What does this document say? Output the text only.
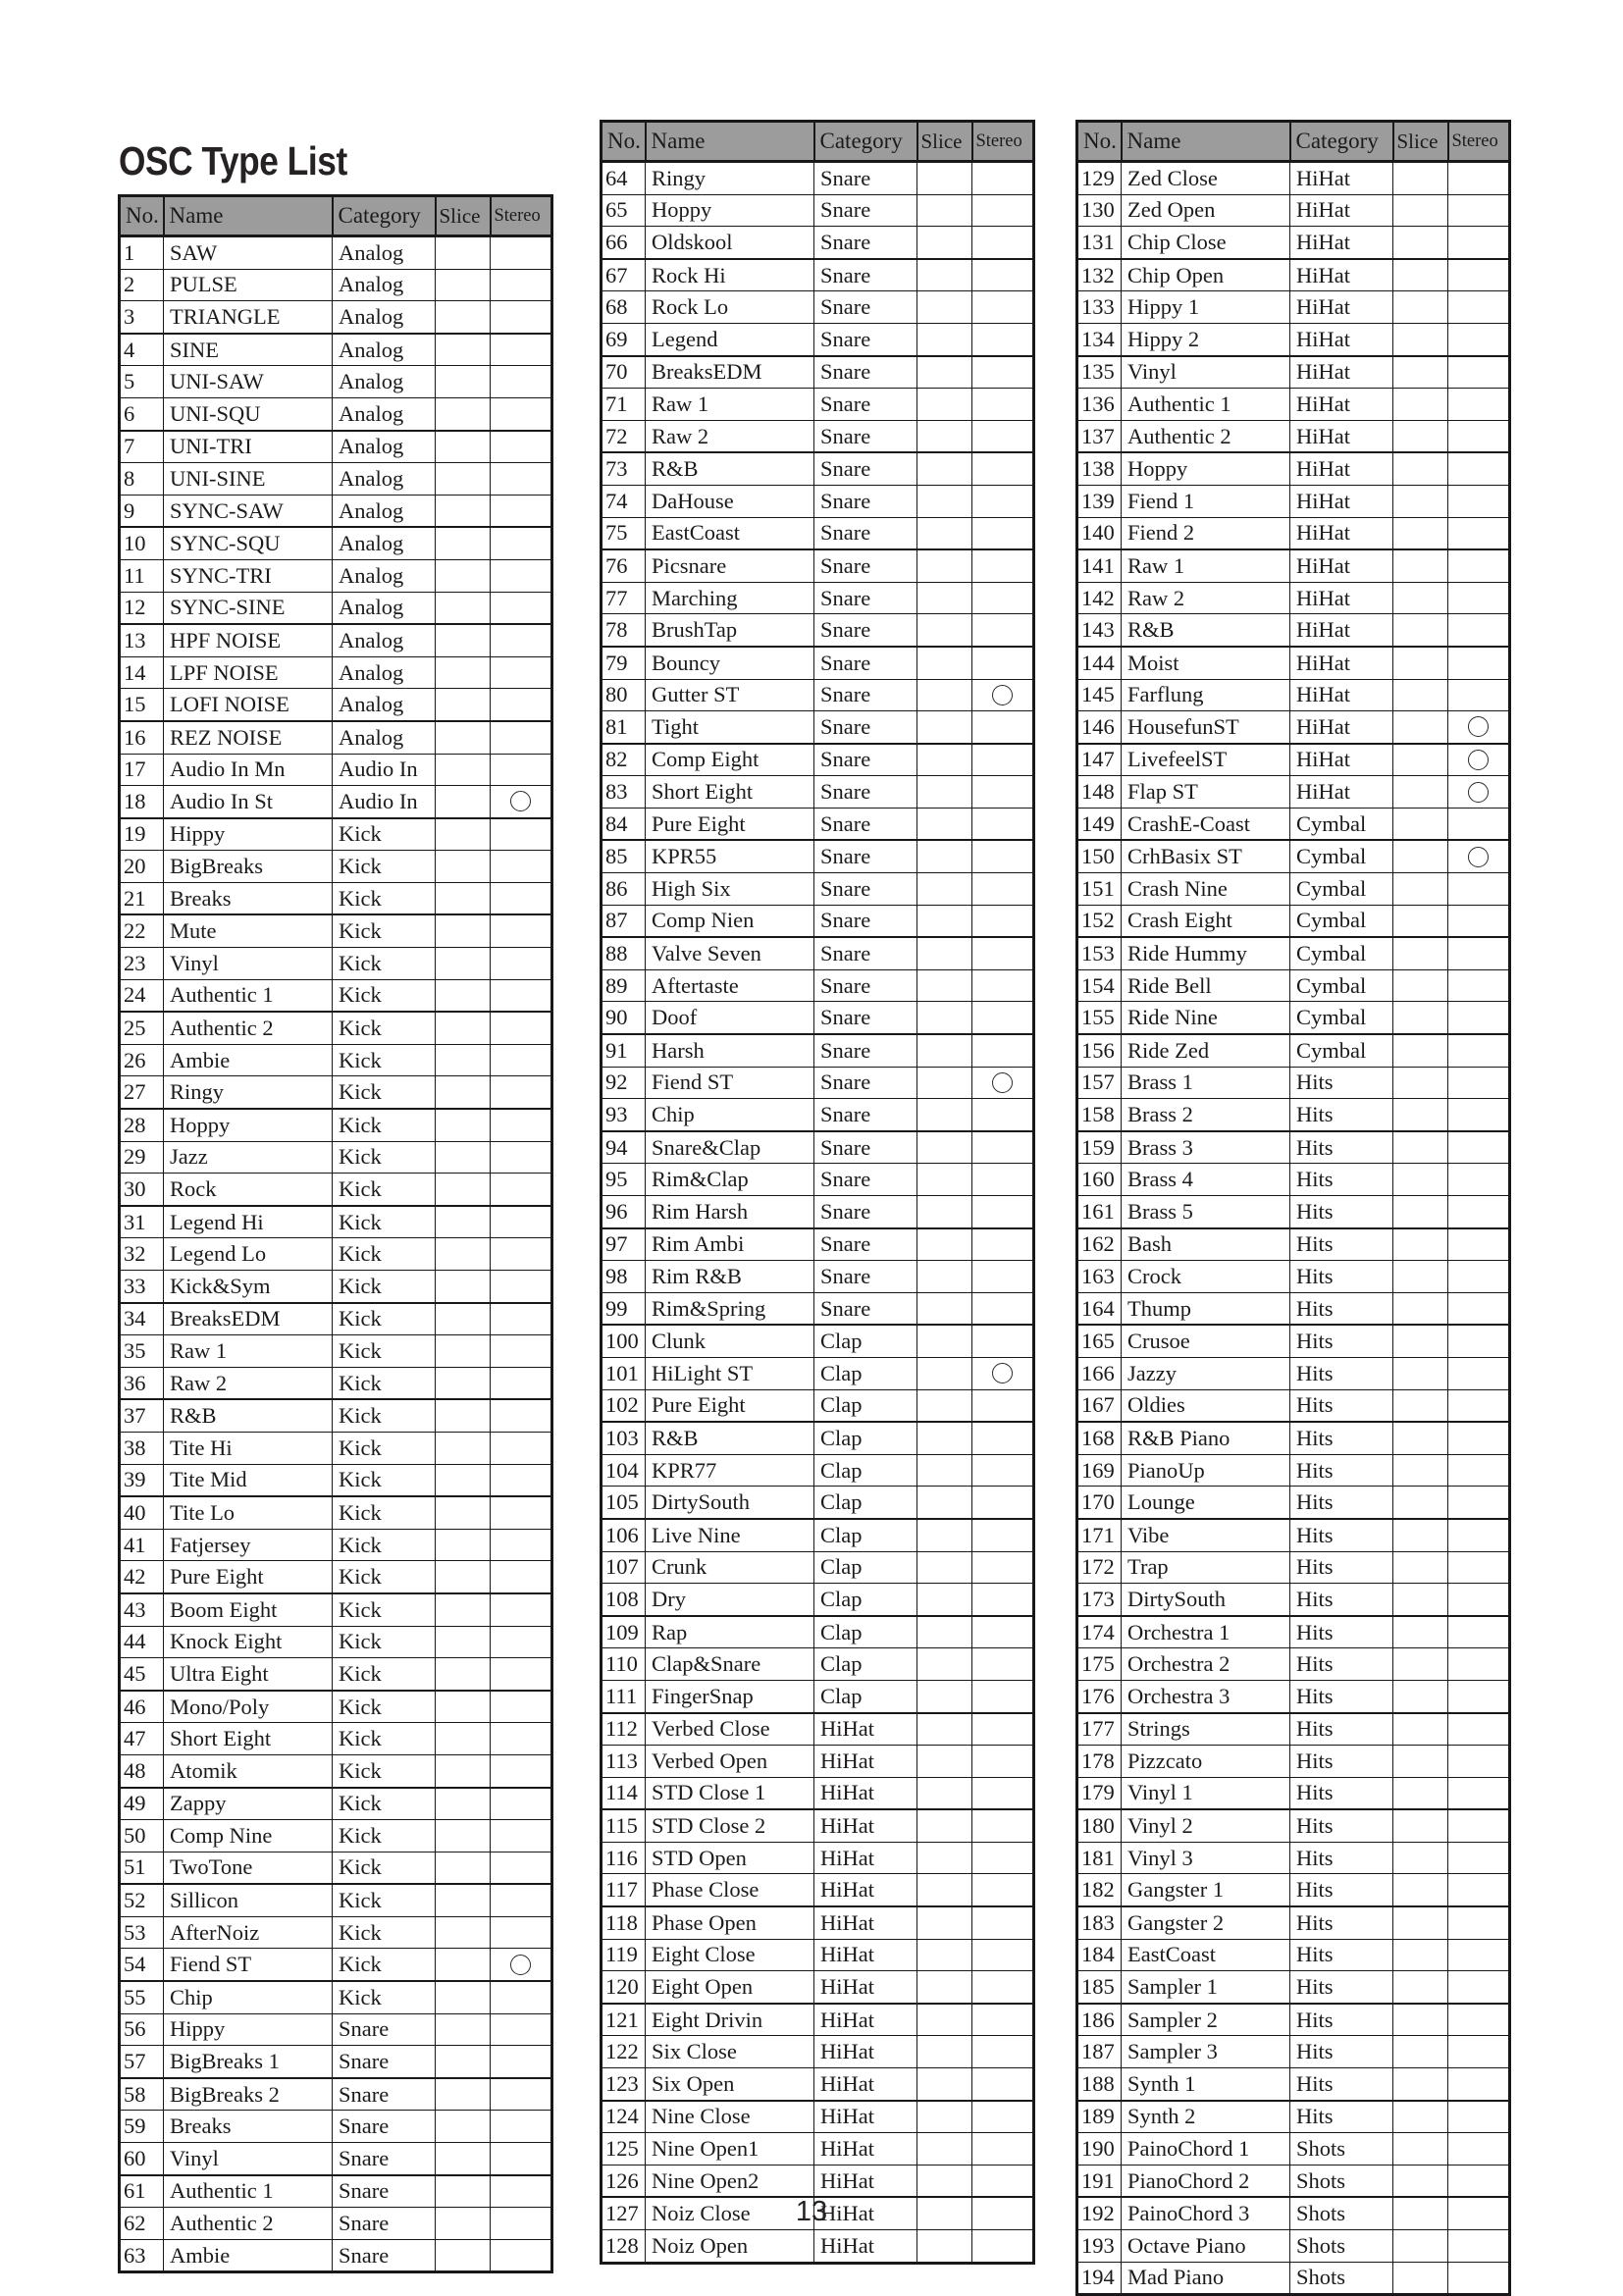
OSC Type List
No.	Name	Category	Slice	Stereo
1	SAW	Analog		
2	PULSE	Analog		
3	TRIANGLE	Analog		
4	SINE	Analog		
5	UNI-SAW	Analog		
6	UNI-SQU	Analog		
7	UNI-TRI	Analog		
8	UNI-SINE	Analog		
9	SYNC-SAW	Analog		
10	SYNC-SQU	Analog		
11	SYNC-TRI	Analog		
12	SYNC-SINE	Analog		
13	HPF NOISE	Analog		
14	LPF NOISE	Analog		
15	LOFI NOISE	Analog		
16	REZ NOISE	Analog		
17	Audio In Mn	Audio In		
18	Audio In St	Audio In		
19	Hippy	Kick		
20	BigBreaks	Kick		
21	Breaks	Kick		
22	Mute	Kick		
23	Vinyl	Kick		
24	Authentic 1	Kick		
25	Authentic 2	Kick		
26	Ambie	Kick		
27	Ringy	Kick		
28	Hoppy	Kick		
29	Jazz	Kick		
30	Rock	Kick		
31	Legend Hi	Kick		
32	Legend Lo	Kick		
33	Kick&Sym	Kick		
34	BreaksEDM	Kick		
35	Raw 1	Kick		
36	Raw 2	Kick		
37	R&B	Kick		
38	Tite Hi	Kick		
39	Tite Mid	Kick		
40	Tite Lo	Kick		
41	Fatjersey	Kick		
42	Pure Eight	Kick		
43	Boom Eight	Kick		
44	Knock Eight	Kick		
45	Ultra Eight	Kick		
46	Mono/Poly	Kick		
47	Short Eight	Kick		
48	Atomik	Kick		
49	Zappy	Kick		
50	Comp Nine	Kick		
51	TwoTone	Kick		
52	Sillicon	Kick		
53	AfterNoiz	Kick		
54	Fiend ST	Kick		
55	Chip	Kick		
56	Hippy	Snare		
57	BigBreaks 1	Snare		
58	BigBreaks 2	Snare		
59	Breaks	Snare		
60	Vinyl	Snare		
61	Authentic 1	Snare		
62	Authentic 2	Snare		
63	Ambie	Snare		
No.	Name	Category	Slice	Stereo
64	Ringy	Snare		
65	Hoppy	Snare		
66	Oldskool	Snare		
67	Rock Hi	Snare		
68	Rock Lo	Snare		
69	Legend	Snare		
70	BreaksEDM	Snare		
71	Raw 1	Snare		
72	Raw 2	Snare		
73	R&B	Snare		
74	DaHouse	Snare		
75	EastCoast	Snare		
76	Picsnare	Snare		
77	Marching	Snare		
78	BrushTap	Snare		
79	Bouncy	Snare		
80	Gutter ST	Snare		
81	Tight	Snare		
82	Comp Eight	Snare		
83	Short Eight	Snare		
84	Pure Eight	Snare		
85	KPR55	Snare		
86	High Six	Snare		
87	Comp Nien	Snare		
88	Valve Seven	Snare		
89	Aftertaste	Snare		
90	Doof	Snare		
91	Harsh	Snare		
92	Fiend ST	Snare		
93	Chip	Snare		
94	Snare&Clap	Snare		
95	Rim&Clap	Snare		
96	Rim Harsh	Snare		
97	Rim Ambi	Snare		
98	Rim R&B	Snare		
99	Rim&Spring	Snare		
100	Clunk	Clap		
101	HiLight ST	Clap		
102	Pure Eight	Clap		
103	R&B	Clap		
104	KPR77	Clap		
105	DirtySouth	Clap		
106	Live Nine	Clap		
107	Crunk	Clap		
108	Dry	Clap		
109	Rap	Clap		
110	Clap&Snare	Clap		
111	FingerSnap	Clap		
112	Verbed Close	HiHat		
113	Verbed Open	HiHat		
114	STD Close 1	HiHat		
115	STD Close 2	HiHat		
116	STD Open	HiHat		
117	Phase Close	HiHat		
118	Phase Open	HiHat		
119	Eight Close	HiHat		
120	Eight Open	HiHat		
121	Eight Drivin	HiHat		
122	Six Close	HiHat		
123	Six Open	HiHat		
124	Nine Close	HiHat		
125	Nine Open1	HiHat		
126	Nine Open2	HiHat		
127	Noiz Close	HiHat		
128	Noiz Open	HiHat		
No.	Name	Category	Slice	Stereo
129	Zed Close	HiHat		
130	Zed Open	HiHat		
131	Chip Close	HiHat		
132	Chip Open	HiHat		
133	Hippy 1	HiHat		
134	Hippy 2	HiHat		
135	Vinyl	HiHat		
136	Authentic 1	HiHat		
137	Authentic 2	HiHat		
138	Hoppy	HiHat		
139	Fiend 1	HiHat		
140	Fiend 2	HiHat		
141	Raw 1	HiHat		
142	Raw 2	HiHat		
143	R&B	HiHat		
144	Moist	HiHat		
145	Farflung	HiHat		
146	HousefunST	HiHat		
147	LivefeelST	HiHat		
148	Flap ST	HiHat		
149	CrashE-Coast	Cymbal		
150	CrhBasix ST	Cymbal		
151	Crash Nine	Cymbal		
152	Crash Eight	Cymbal		
153	Ride Hummy	Cymbal		
154	Ride Bell	Cymbal		
155	Ride Nine	Cymbal		
156	Ride Zed	Cymbal		
157	Brass 1	Hits		
158	Brass 2	Hits		
159	Brass 3	Hits		
160	Brass 4	Hits		
161	Brass 5	Hits		
162	Bash	Hits		
163	Crock	Hits		
164	Thump	Hits		
165	Crusoe	Hits		
166	Jazzy	Hits		
167	Oldies	Hits		
168	R&B Piano	Hits		
169	PianoUp	Hits		
170	Lounge	Hits		
171	Vibe	Hits		
172	Trap	Hits		
173	DirtySouth	Hits		
174	Orchestra 1	Hits		
175	Orchestra 2	Hits		
176	Orchestra 3	Hits		
177	Strings	Hits		
178	Pizzcato	Hits		
179	Vinyl 1	Hits		
180	Vinyl 2	Hits		
181	Vinyl 3	Hits		
182	Gangster 1	Hits		
183	Gangster 2	Hits		
184	EastCoast	Hits		
185	Sampler 1	Hits		
186	Sampler 2	Hits		
187	Sampler 3	Hits		
188	Synth 1	Hits		
189	Synth 2	Hits		
190	PainoChord 1	Shots		
191	PianoChord 2	Shots		
192	PainoChord 3	Shots		
193	Octave Piano	Shots		
194	Mad Piano	Shots		
13
